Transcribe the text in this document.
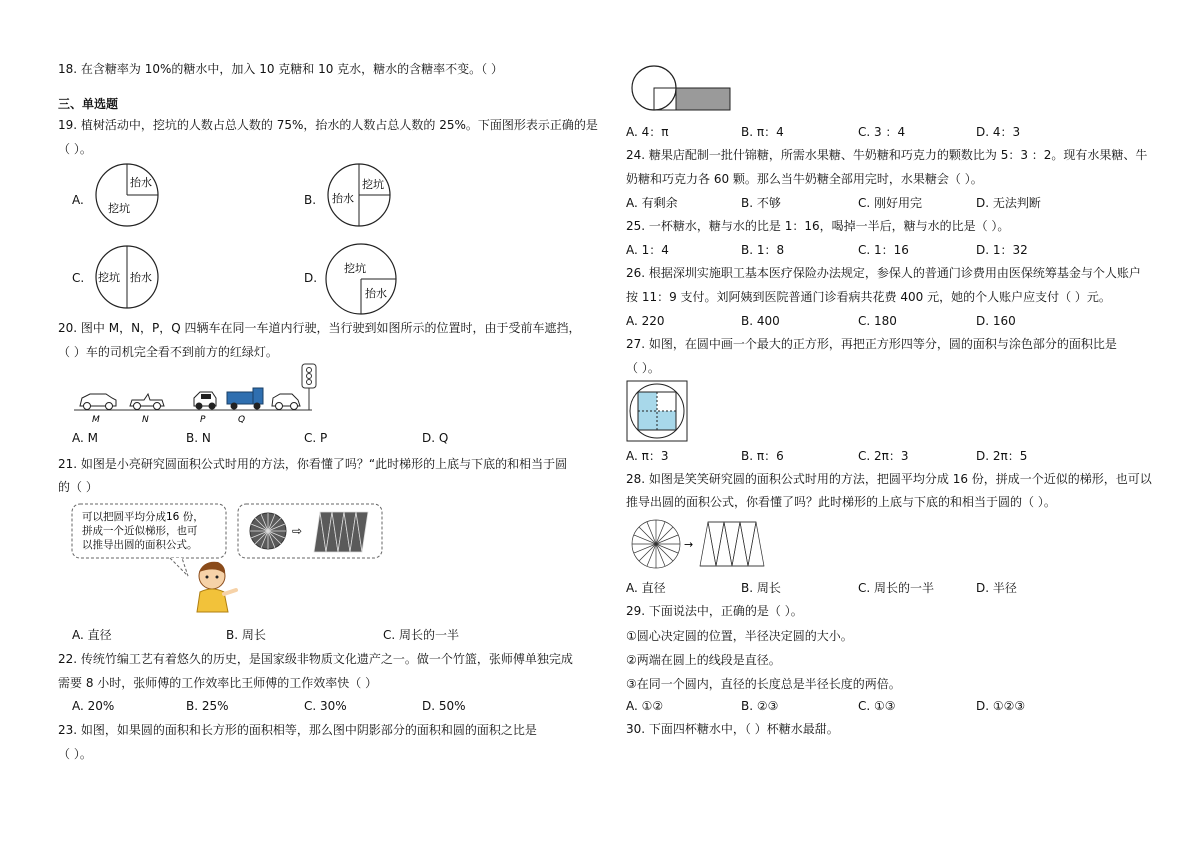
18. 在含糖率为 10%的糖水中，加入 10 克糖和 10 克水，糖水的含糖率不变。（ ）
三、单选题
19. 植树活动中，挖坑的人数占总人数的 75%，抬水的人数占总人数的 25%。下面图形表示正确的是
（ ）。
A.
抬水
挖坑
B.
挖坑
抬水
C. 挖坑 抬水	D.
挖坑
抬水
20. 图中 M，N，P，Q 四辆车在同一车道内行驶，当行驶到如图所示的位置时，由于受前车遮挡，
（ ）车的司机完全看不到前方的红绿灯。
M	N	P	Q
A. M	B. N	C. P	D. Q
21. 如图是小亮研究圆面积公式时用的方法，你看懂了吗？“此时梯形的上底与下底的和相当于圆
的（ ）
可以把圆平均分成16 份，
拼成一个近似梯形，也可
以推导出圆的面积公式。
⇨
A. 直径	B. 周长	C. 周长的一半
22. 传统竹编工艺有着悠久的历史，是国家级非物质文化遗产之一。做一个竹篮，张师傅单独完成
需要 8 小时，张师傅的工作效率比王师傅的工作效率快（ ）
A. 20%	B. 25%	C. 30%	D. 50%
23. 如图，如果圆的面积和长方形的面积相等，那么图中阴影部分的面积和圆的面积之比是
（ ）。
A. 4：π	B. π：4	C. 3 ：4	D. 4：3
24. 糖果店配制一批什锦糖，所需水果糖、牛奶糖和巧克力的颗数比为 5：3 ：2。现有水果糖、牛
奶糖和巧克力各 60 颗。那么当牛奶糖全部用完时，水果糖会（ ）。
A. 有剩余	B. 不够	C. 刚好用完	D. 无法判断
25. 一杯糖水，糖与水的比是 1：16，喝掉一半后，糖与水的比是（ ）。
A. 1：4	B. 1：8	C. 1：16	D. 1：32
26. 根据深圳实施职工基本医疗保险办法规定，参保人的普通门诊费用由医保统筹基金与个人账户
按 11：9 支付。刘阿姨到医院普通门诊看病共花费 400 元，她的个人账户应支付（ ）元。
A. 220	B. 400	C. 180	D. 160
27. 如图，在圆中画一个最大的正方形，再把正方形四等分，圆的面积与涂色部分的面积比是
（ ）。
A. π：3	B. π：6	C. 2π：3	D. 2π：5
28. 如图是笑笑研究圆的面积公式时用的方法，把圆平均分成 16 份，拼成一个近似的梯形，也可以
推导出圆的面积公式，你看懂了吗？此时梯形的上底与下底的和相当于圆的（ ）。
→
A. 直径	B. 周长	C. 周长的一半	D. 半径
29. 下面说法中，正确的是（ ）。
①圆心决定圆的位置，半径决定圆的大小。
②两端在圆上的线段是直径。
③在同一个圆内，直径的长度总是半径长度的两倍。
A. ①②	B. ②③	C. ①③	D. ①②③
30. 下面四杯糖水中，（ ）杯糖水最甜。
